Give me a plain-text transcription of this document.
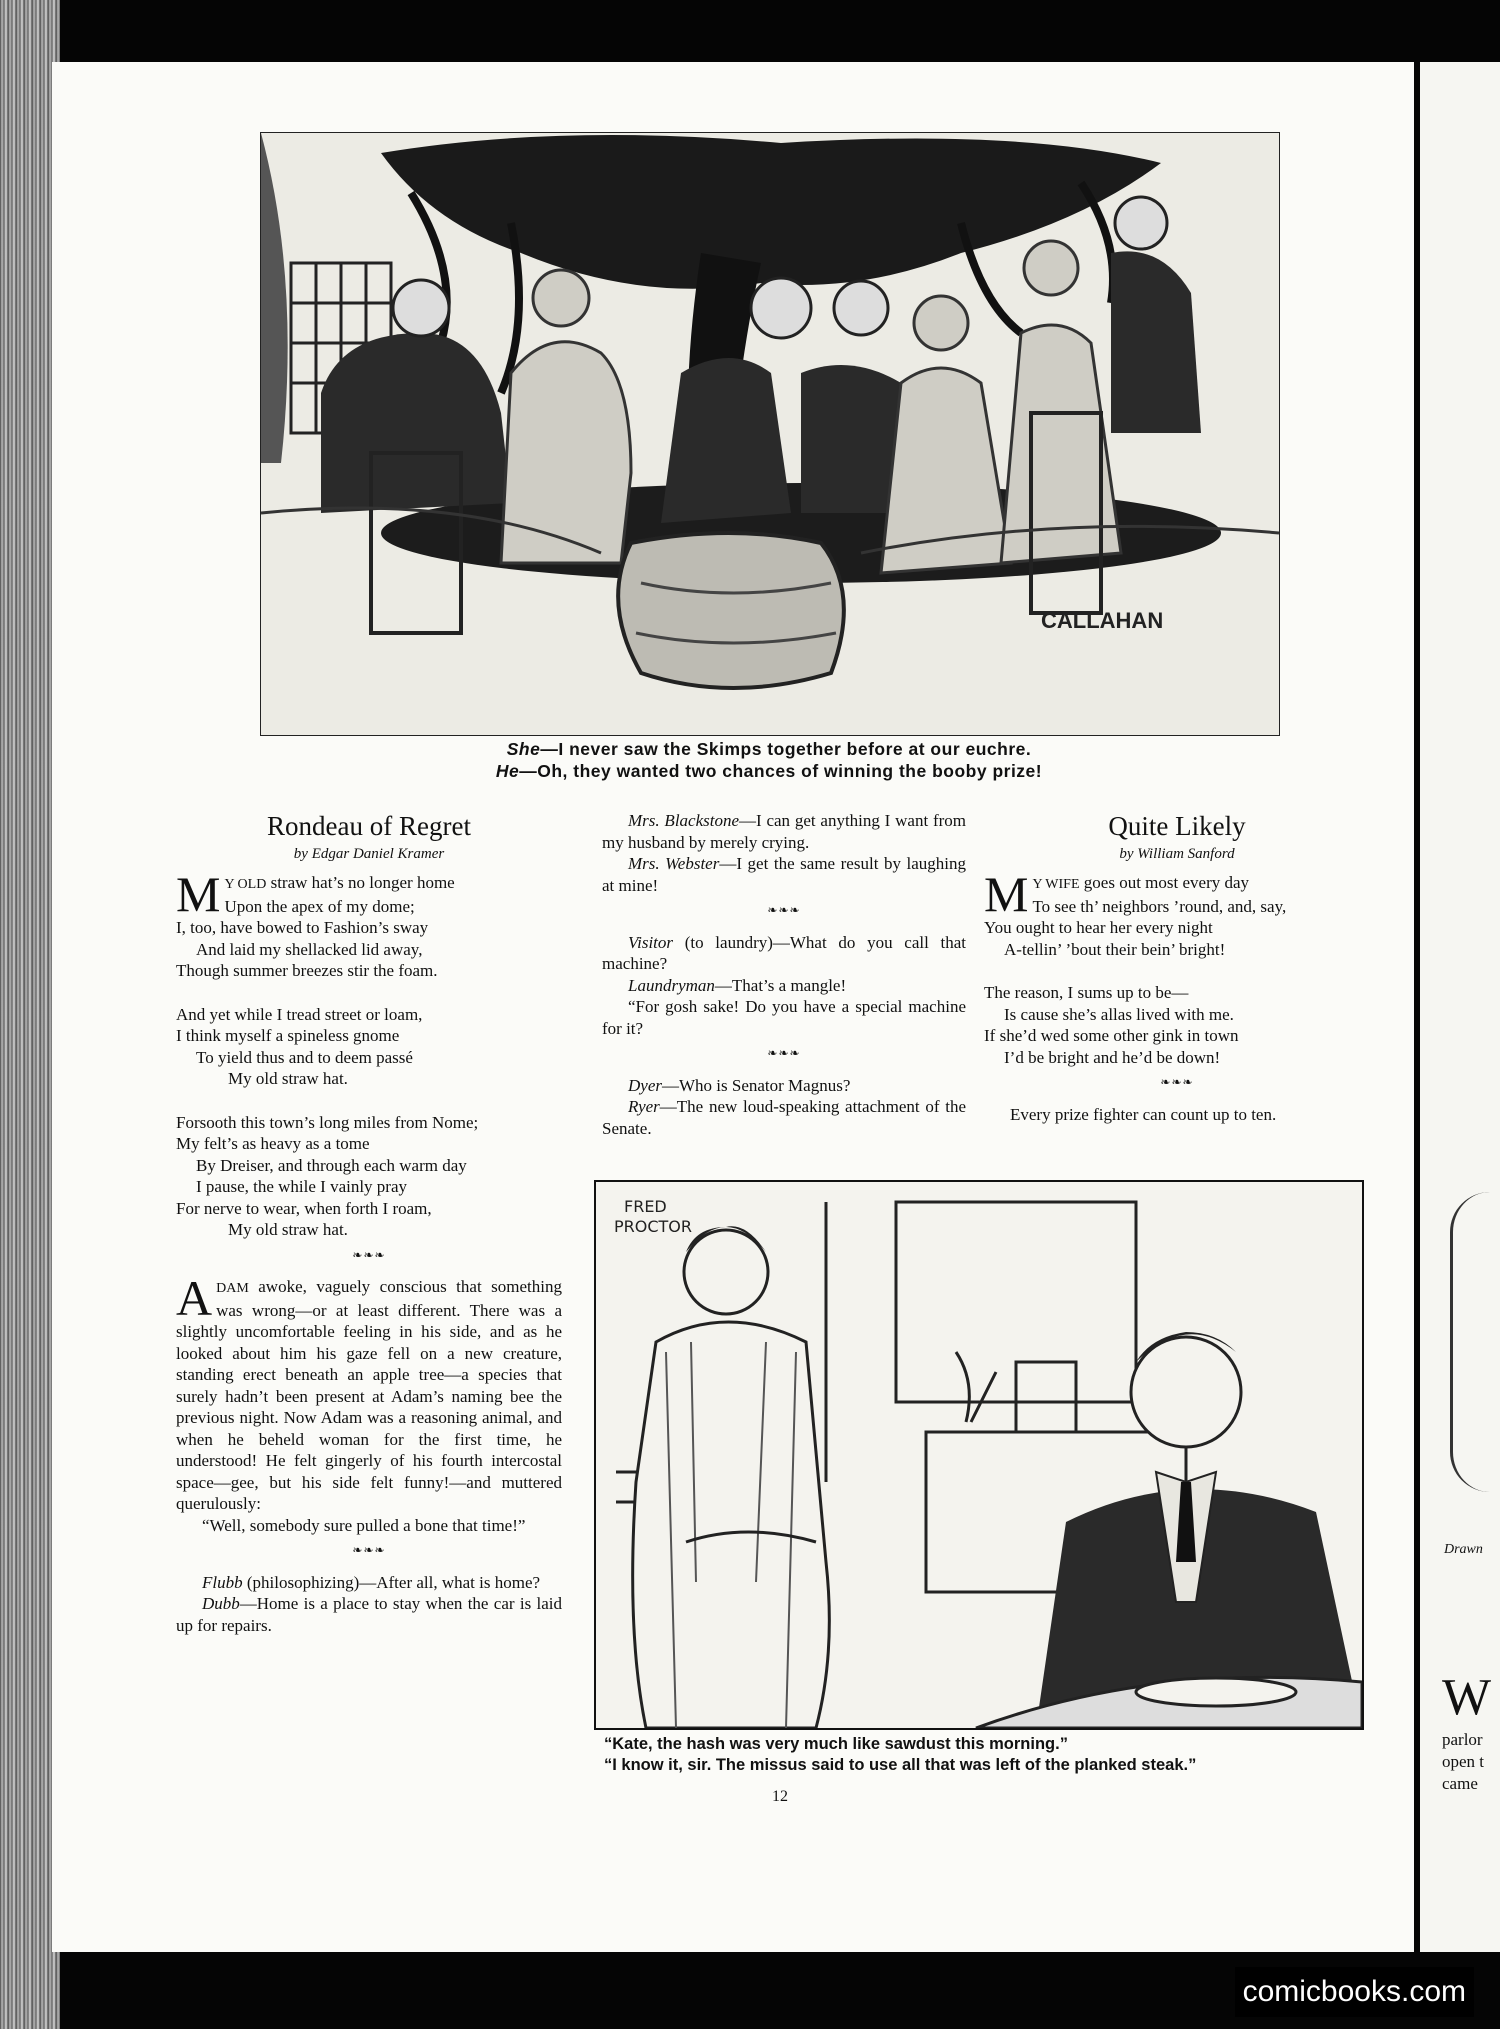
Drawn
W
parlor
open t
came
CALLAHAN
She—I never saw the Skimps together before at our euchre.
He—Oh, they wanted two chances of winning the booby prize!
Rondeau of Regret
by Edgar Daniel Kramer

M Y OLD straw hat’s no longer home

Upon the apex of my dome;

I, too, have bowed to Fashion’s sway

And laid my shellacked lid away,

Though summer breezes stir the foam.

And yet while I tread street or loam,

I think myself a spineless gnome

To yield thus and to deem passé

My old straw hat.

Forsooth this town’s long miles from Nome;

My felt’s as heavy as a tome

By Dreiser, and through each warm day

I pause, the while I vainly pray

For nerve to wear, when forth I roam,

My old straw hat.

❧❧❧

ADAM awoke, vaguely conscious that something was wrong—or at least different. There was a slightly uncomfortable feeling in his side, and as he looked about him his gaze fell on a new creature, standing erect beneath an apple tree—a species that surely hadn’t been present at Adam’s naming bee the previous night. Now Adam was a reasoning animal, and when he beheld woman for the first time, he understood! He felt gingerly of his fourth intercostal space—gee, but his side felt funny!—and muttered querulously:

“Well, somebody sure pulled a bone that time!”

❧❧❧

Flubb (philosophizing)—After all, what is home?

Dubb—Home is a place to stay when the car is laid up for repairs.

Mrs. Blackstone—I can get anything I want from my husband by merely crying.

Mrs. Webster—I get the same result by laughing at mine!

❧❧❧

Visitor (to laundry)—What do you call that machine?

Laundryman—That’s a mangle!

“For gosh sake! Do you have a special machine for it?

❧❧❧

Dyer—Who is Senator Magnus?

Ryer—The new loud-speaking attachment of the Senate.

Quite Likely
by William Sanford

M Y WIFE goes out most every day

To see th’ neighbors ’round, and, say,

You ought to hear her every night

A-tellin’ ’bout their bein’ bright!

The reason, I sums up to be—

Is cause she’s allas lived with me.

If she’d wed some other gink in town

I’d be bright and he’d be down!

❧❧❧

Every prize fighter can count up to ten.

FRED
PROCTOR
“Kate, the hash was very much like sawdust this morning.”
“I know it, sir. The missus said to use all that was left of the planked steak.”
12
comicbooks.com
